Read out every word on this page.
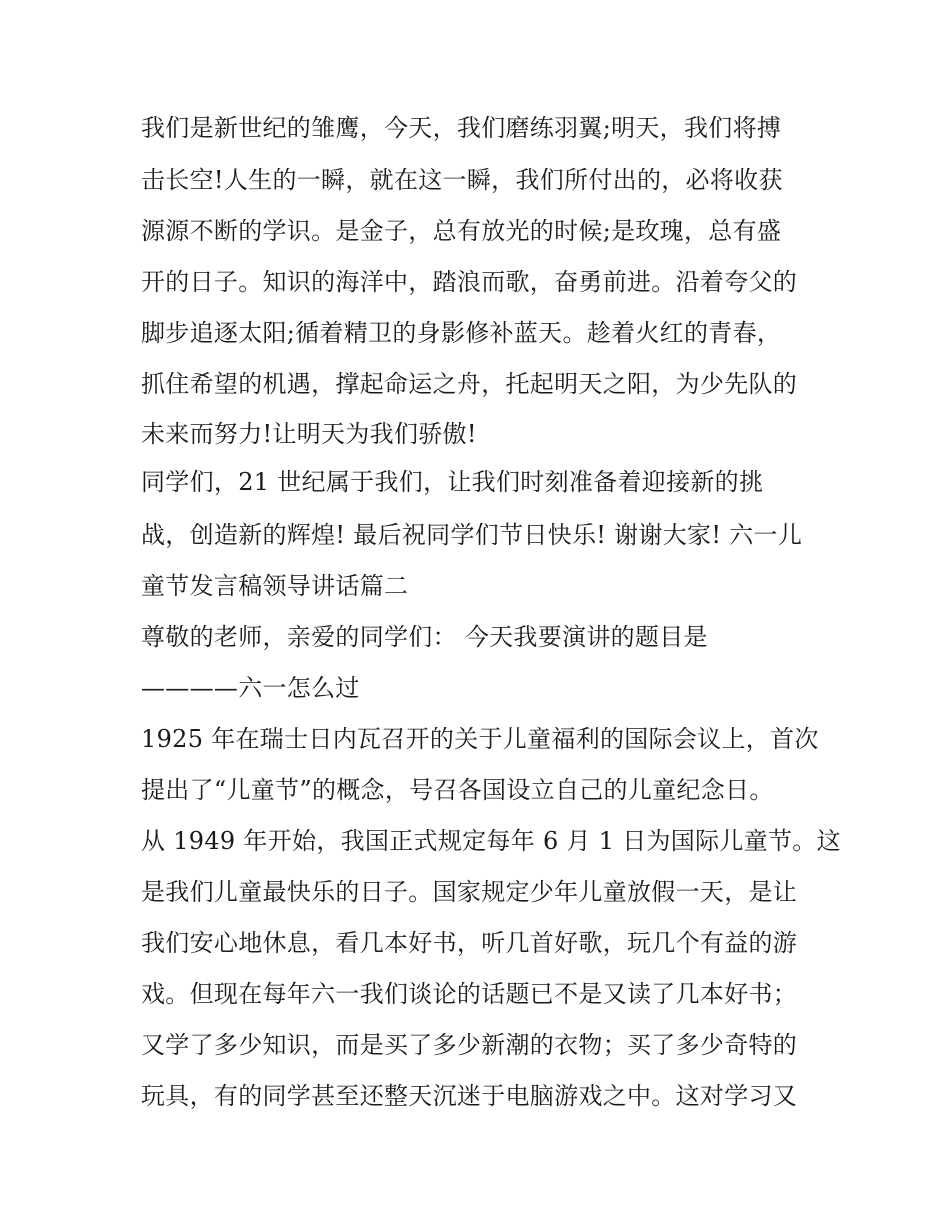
我们是新世纪的雏鹰，今天，我们磨练羽翼;明天，我们将搏
击长空!人生的一瞬，就在这一瞬，我们所付出的，必将收获
源源不断的学识。是金子，总有放光的时候;是玫瑰，总有盛
开的日子。知识的海洋中，踏浪而歌，奋勇前进。沿着夸父的
脚步追逐太阳;循着精卫的身影修补蓝天。趁着火红的青春，
抓住希望的机遇，撑起命运之舟，托起明天之阳，为少先队的
未来而努力!让明天为我们骄傲!
同学们，21 世纪属于我们，让我们时刻准备着迎接新的挑
战，创造新的辉煌! 最后祝同学们节日快乐! 谢谢大家! 六一儿
童节发言稿领导讲话篇二
尊敬的老师，亲爱的同学们： 今天我要演讲的题目是
————六一怎么过
1925 年在瑞士日内瓦召开的关于儿童福利的国际会议上，首次
提出了“儿童节”的概念，号召各国设立自己的儿童纪念日。
从 1949 年开始，我国正式规定每年 6 月 1 日为国际儿童节。这
是我们儿童最快乐的日子。国家规定少年儿童放假一天，是让
我们安心地休息，看几本好书，听几首好歌，玩几个有益的游
戏。但现在每年六一我们谈论的话题已不是又读了几本好书；
又学了多少知识，而是买了多少新潮的衣物；买了多少奇特的
玩具，有的同学甚至还整天沉迷于电脑游戏之中。这对学习又
